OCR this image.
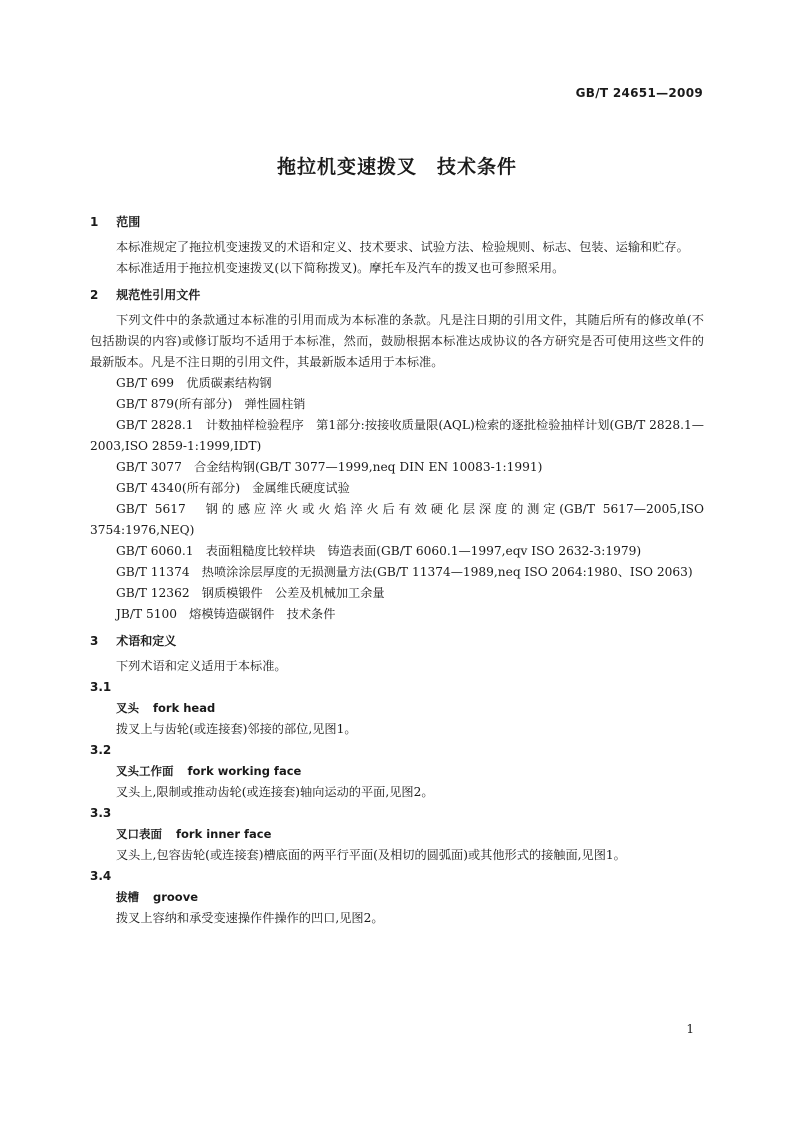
GB/T 24651—2009
拖拉机变速拨叉　技术条件
1 范围
本标准规定了拖拉机变速拨叉的术语和定义、技术要求、试验方法、检验规则、标志、包装、运输和贮存。
本标准适用于拖拉机变速拨叉(以下简称拨叉)。摩托车及汽车的拨叉也可参照采用。
2 规范性引用文件
下列文件中的条款通过本标准的引用而成为本标准的条款。凡是注日期的引用文件，其随后所有的修改单(不包括勘误的内容)或修订版均不适用于本标准，然而，鼓励根据本标准达成协议的各方研究是否可使用这些文件的最新版本。凡是不注日期的引用文件，其最新版本适用于本标准。
GB/T 699　优质碳素结构钢
GB/T 879(所有部分)　弹性圆柱销
GB/T 2828.1　计数抽样检验程序　第1部分:按接收质量限(AQL)检索的逐批检验抽样计划(GB/T 2828.1—2003,ISO 2859-1:1999,IDT)
GB/T 3077　合金结构钢(GB/T 3077—1999,neq DIN EN 10083-1:1991)
GB/T 4340(所有部分)　金属维氏硬度试验
GB/T 5617　钢的感应淬火或火焰淬火后有效硬化层深度的测定(GB/T 5617—2005,ISO 3754:1976,NEQ)
GB/T 6060.1　表面粗糙度比较样块　铸造表面(GB/T 6060.1—1997,eqv ISO 2632-3:1979)
GB/T 11374　热喷涂涂层厚度的无损测量方法(GB/T 11374—1989,neq ISO 2064:1980、ISO 2063)
GB/T 12362　钢质模锻件　公差及机械加工余量
JB/T 5100　熔模铸造碳钢件　技术条件
3 术语和定义
下列术语和定义适用于本标准。
3.1
叉头 fork head
拨叉上与齿轮(或连接套)邻接的部位,见图1。
3.2
叉头工作面 fork working face
叉头上,限制或推动齿轮(或连接套)轴向运动的平面,见图2。
3.3
叉口表面 fork inner face
叉头上,包容齿轮(或连接套)槽底面的两平行平面(及相切的圆弧面)或其他形式的接触面,见图1。
3.4
拔槽 groove
拨叉上容纳和承受变速操作件操作的凹口,见图2。
1
